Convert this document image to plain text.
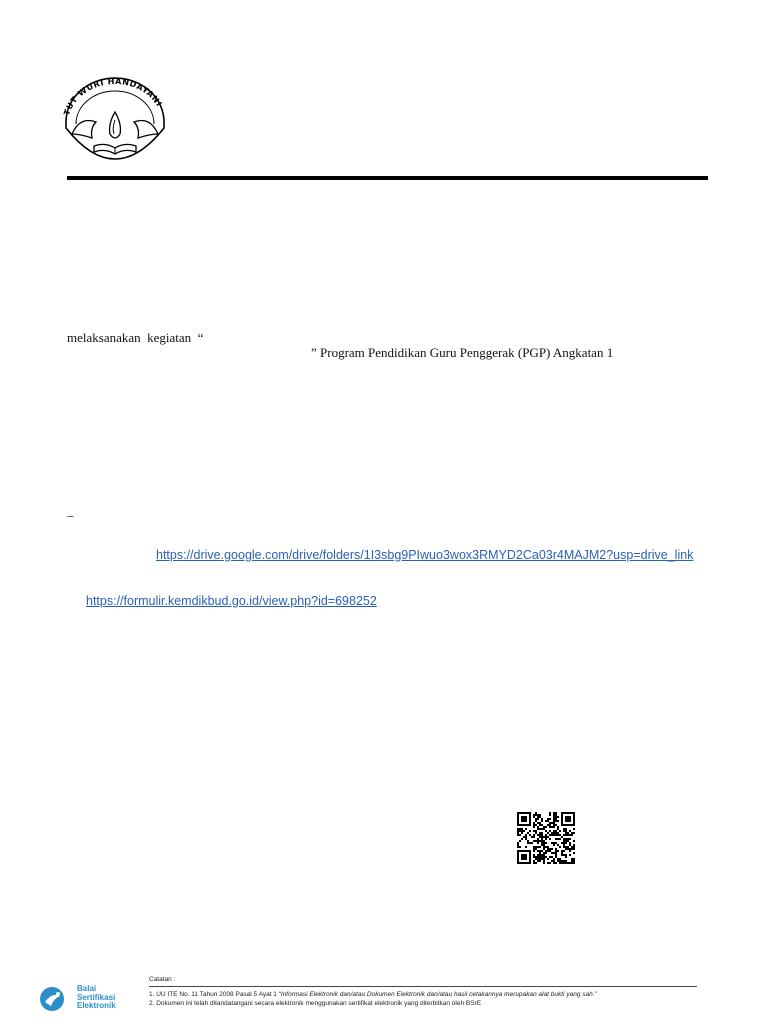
TUT WURI HANDAYANI
melaksanakan  kegiatan  “
” Program Pendidikan Guru Penggerak (PGP) Angkatan 1
_
https://drive.google.com/drive/folders/1I3sbg9PIwuo3wox3RMYD2Ca03r4MAJM2?usp=drive_link
https://formulir.kemdikbud.go.id/view.php?id=698252
Balai
Sertifikasi
Elektronik
Catatan :
1. UU ITE No. 11 Tahun 2008 Pasal 5 Ayat 1 “Informasi Elektronik dan/atau Dokumen Elektronik dan/atau hasil cetakannya merupakan alat bukti yang sah.”
2. Dokumen ini telah ditandatangani secara elektronik menggunakan sertifikat elektronik yang diterbitkan oleh BSrE
